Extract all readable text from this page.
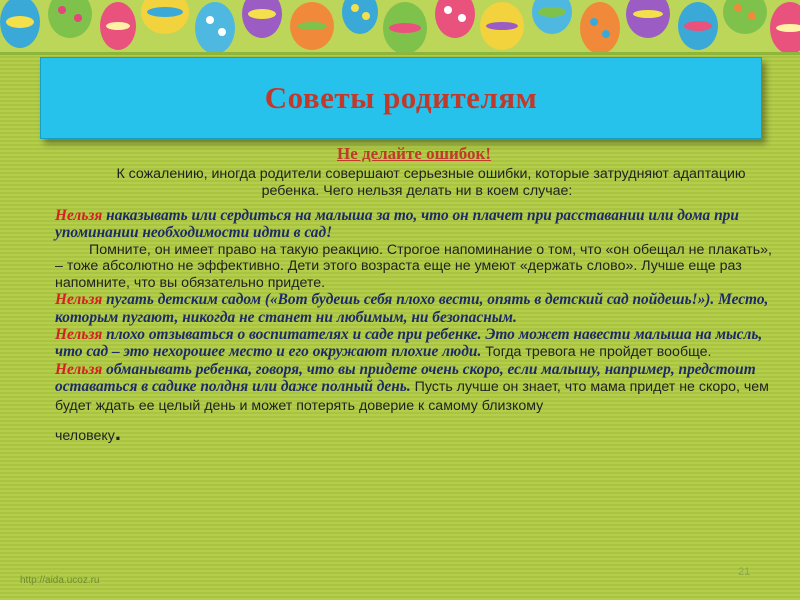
Советы родителям

Не делайте ошибок!

К сожалению, иногда родители совершают серьезные ошибки, которые затрудняют адаптацию ребенка. Чего нельзя делать ни в коем случае:

Нельзя наказывать или сердиться на малыша за то, что он плачет при расставании или дома при упоминании необходимости идти в сад!

Помните, он имеет право на такую реакцию. Строгое напоминание о том, что «он обещал не плакать», – тоже абсолютно не эффективно. Дети этого возраста еще не умеют «держать слово». Лучше еще раз напомните, что вы обязательно придете.

Нельзя пугать детским садом («Вот будешь себя плохо вести, опять в детский сад пойдешь!»). Место, которым пугают, никогда не станет ни любимым, ни безопасным.

Нельзя плохо отзываться о воспитателях и саде при ребенке. Это может навести малыша на мысль, что сад – это нехорошее место и его окружают плохие люди. Тогда тревога не пройдет вообще.

Нельзя обманывать ребенка, говоря, что вы придете очень скоро, если малышу, например, предстоит оставаться в садике полдня или даже полный день. Пусть лучше он знает, что мама придет не скоро, чем будет ждать ее целый день и может потерять доверие к самому близкому

человеку.

http://aida.ucoz.ru
21
